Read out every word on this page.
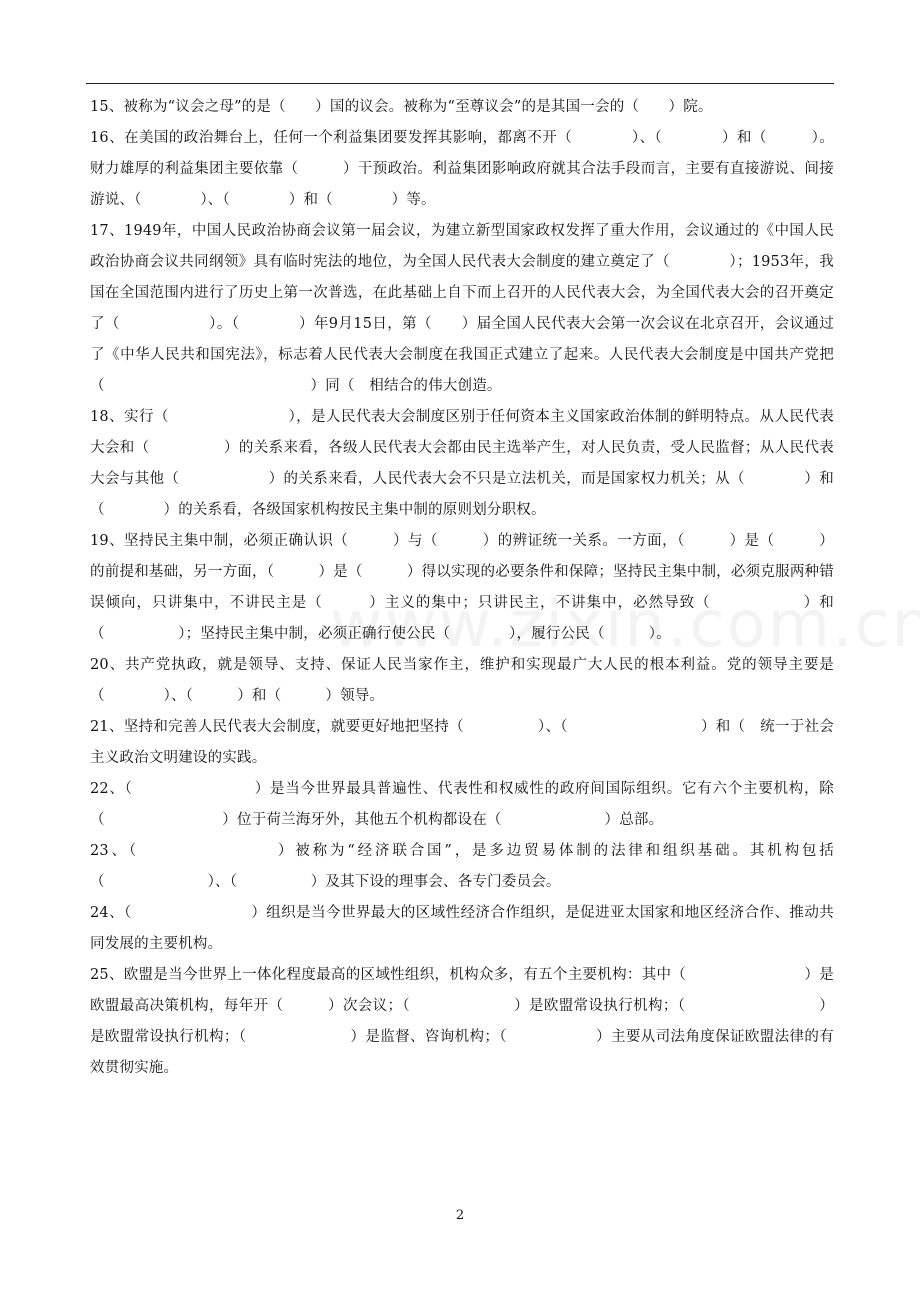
15、被称为“议会之母”的是（　　）国的议会。被称为“至尊议会”的是其国一会的（　　）院。

16、在美国的政治舞台上，任何一个利益集团要发挥其影响，都离不开（　　　　）、（　　　　）和（　　　）。财力雄厚的利益集团主要依靠（　　　）干预政治。利益集团影响政府就其合法手段而言，主要有直接游说、间接游说、（　　　　）、（　　　　）和（　　　　）等。

17、1949年，中国人民政治协商会议第一届会议，为建立新型国家政权发挥了重大作用，会议通过的《中国人民政治协商会议共同纲领》具有临时宪法的地位，为全国人民代表大会制度的建立奠定了（　　　　）；1953年，我国在全国范围内进行了历史上第一次普选，在此基础上自下而上召开的人民代表大会，为全国代表大会的召开奠定了（　　　　　　）。（　　　　）年9月15日，第（　　）届全国人民代表大会第一次会议在北京召开，会议通过了《中华人民共和国宪法》，标志着人民代表大会制度在我国正式建立了起来。人民代表大会制度是中国共产党把（　　　　　　　　　　　　　　）同（　相结合的伟大创造。

18、实行（　　　　　　　　），是人民代表大会制度区别于任何资本主义国家政治体制的鲜明特点。从人民代表大会和（　　　　　）的关系来看，各级人民代表大会都由民主选举产生，对人民负责，受人民监督；从人民代表大会与其他（　　　　　　）的关系来看，人民代表大会不只是立法机关，而是国家权力机关；从（　　　　）和（　　　　）的关系看，各级国家机构按民主集中制的原则划分职权。

19、坚持民主集中制，必须正确认识（　　　）与（　　　）的辨证统一关系。一方面，（　　　）是（　　　）的前提和基础，另一方面，（　　　）是（　　　）得以实现的必要条件和保障；坚持民主集中制，必须克服两种错误倾向，只讲集中，不讲民主是（　　　）主义的集中；只讲民主，不讲集中，必然导致（　　　　　　）和（　　　　　）；坚持民主集中制，必须正确行使公民（　　　　），履行公民（　　　）。

20、共产党执政，就是领导、支持、保证人民当家作主，维护和实现最广大人民的根本利益。党的领导主要是（　　　　）、（　　　）和（　　　）领导。

21、坚持和完善人民代表大会制度，就要更好地把坚持（　　　　　）、（　　　　　　　　　）和（　统一于社会主义政治文明建设的实践。

22、（　　　　　　　　）是当今世界最具普遍性、代表性和权威性的政府间国际组织。它有六个主要机构，除（　　　　　　　　）位于荷兰海牙外，其他五个机构都设在（　　　　　　　）总部。

23、（　　　　　　　　）被称为“经济联合国”，是多边贸易体制的法律和组织基础。其机构包括（　　　　　　　）、（　　　　　）及其下设的理事会、各专门委员会。

24、（　　　　　　　　）组织是当今世界最大的区域性经济合作组织，是促进亚太国家和地区经济合作、推动共同发展的主要机构。

25、欧盟是当今世界上一体化程度最高的区域性组织，机构众多，有五个主要机构：其中（　　　　　　　　）是欧盟最高决策机构，每年开（　　　）次会议；（　　　　　　　）是欧盟常设执行机构；（　　　　　　　　　）是欧盟常设执行机构；（　　　　　　　）是监督、咨询机构；（　　　　　　）主要从司法角度保证欧盟法律的有效贯彻实施。

2
